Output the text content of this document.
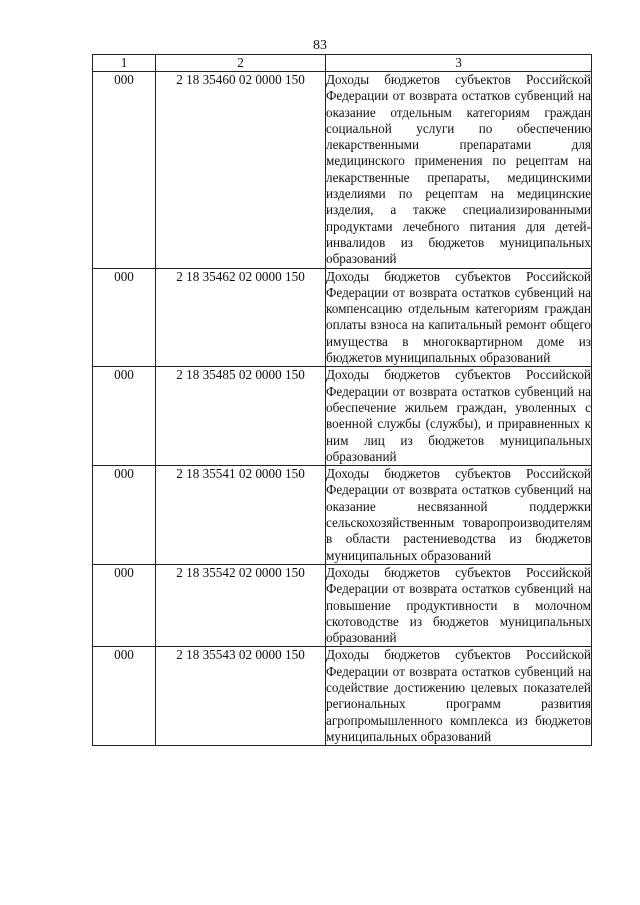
83
1	2	3
000	2 18 35460 02 0000 150	Доходы бюджетов субъектов Российской Федерации от возврата остатков субвенций на оказание отдельным категориям граждан социальной услуги по обеспечению лекарственными препаратами для медицинского применения по рецептам на лекарственные препараты, медицинскими изделиями по рецептам на медицинские изделия, а также специализированными продуктами лечебного питания для детей-инвалидов из бюджетов муниципальных образований
000	2 18 35462 02 0000 150	Доходы бюджетов субъектов Российской Федерации от возврата остатков субвенций на компенсацию отдельным категориям граждан оплаты взноса на капитальный ремонт общего имущества в многоквартирном доме из бюджетов муниципальных образований
000	2 18 35485 02 0000 150	Доходы бюджетов субъектов Российской Федерации от возврата остатков субвенций на обеспечение жильем граждан, уволенных с военной службы (службы), и приравненных к ним лиц из бюджетов муниципальных образований
000	2 18 35541 02 0000 150	Доходы бюджетов субъектов Российской Федерации от возврата остатков субвенций на оказание несвязанной поддержки сельскохозяйственным товаропроизводителям в области растениеводства из бюджетов муниципальных образований
000	2 18 35542 02 0000 150	Доходы бюджетов субъектов Российской Федерации от возврата остатков субвенций на повышение продуктивности в молочном скотоводстве из бюджетов муниципальных образований
000	2 18 35543 02 0000 150	Доходы бюджетов субъектов Российской Федерации от возврата остатков субвенций на содействие достижению целевых показателей региональных программ развития агропромышленного комплекса из бюджетов муниципальных образований
